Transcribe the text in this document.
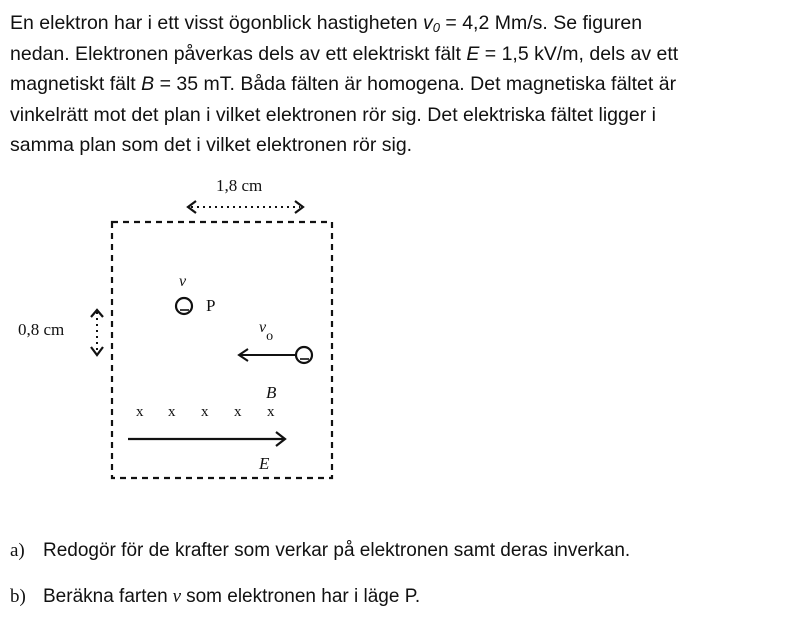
En elektron har i ett visst ögonblick hastigheten $v_0 = 4,2$ Mm/s. Se figuren
nedan. Elektronen påverkas dels av ett elektriskt fält E = 1,5 kV/m, dels av ett
magnetiskt fält B = 35 mT. Båda fälten är homogena. Det magnetiska fältet är
vinkelrätt mot det plan i vilket elektronen rör sig. Det elektriska fältet ligger i
samma plan som det i vilket elektronen rör sig.
1,8 cm
0,8 cm
v
P
vo
B
x x x x x
E
a) Redogör för de krafter som verkar på elektronen samt deras inverkan.
b) Beräkna farten v som elektronen har i läge P.
